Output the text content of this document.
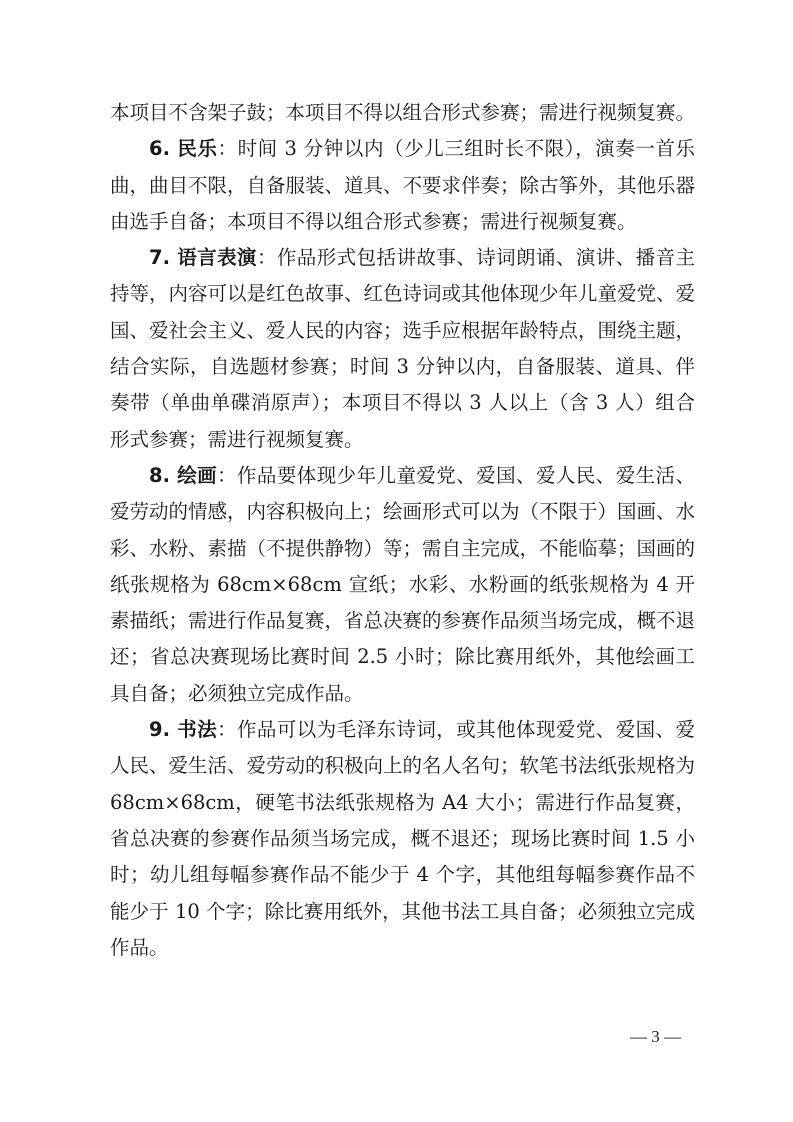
本项目不含架子鼓；本项目不得以组合形式参赛；需进行视频复赛。

6. 民乐：时间 3 分钟以内（少儿三组时长不限），演奏一首乐曲，曲目不限，自备服装、道具、不要求伴奏；除古筝外，其他乐器由选手自备；本项目不得以组合形式参赛；需进行视频复赛。

7. 语言表演：作品形式包括讲故事、诗词朗诵、演讲、播音主持等，内容可以是红色故事、红色诗词或其他体现少年儿童爱党、爱国、爱社会主义、爱人民的内容；选手应根据年龄特点，围绕主题，结合实际，自选题材参赛；时间 3 分钟以内，自备服装、道具、伴奏带（单曲单碟消原声）；本项目不得以 3 人以上（含 3 人）组合形式参赛；需进行视频复赛。

8. 绘画：作品要体现少年儿童爱党、爱国、爱人民、爱生活、爱劳动的情感，内容积极向上；绘画形式可以为（不限于）国画、水彩、水粉、素描（不提供静物）等；需自主完成，不能临摹；国画的纸张规格为 68cm×68cm 宣纸；水彩、水粉画的纸张规格为 4 开素描纸；需进行作品复赛，省总决赛的参赛作品须当场完成，概不退还；省总决赛现场比赛时间 2.5 小时；除比赛用纸外，其他绘画工具自备；必须独立完成作品。

9. 书法：作品可以为毛泽东诗词，或其他体现爱党、爱国、爱人民、爱生活、爱劳动的积极向上的名人名句；软笔书法纸张规格为 68cm×68cm，硬笔书法纸张规格为 A4 大小；需进行作品复赛，省总决赛的参赛作品须当场完成，概不退还；现场比赛时间 1.5 小时；幼儿组每幅参赛作品不能少于 4 个字，其他组每幅参赛作品不能少于 10 个字；除比赛用纸外，其他书法工具自备；必须独立完成作品。

— 3 —
